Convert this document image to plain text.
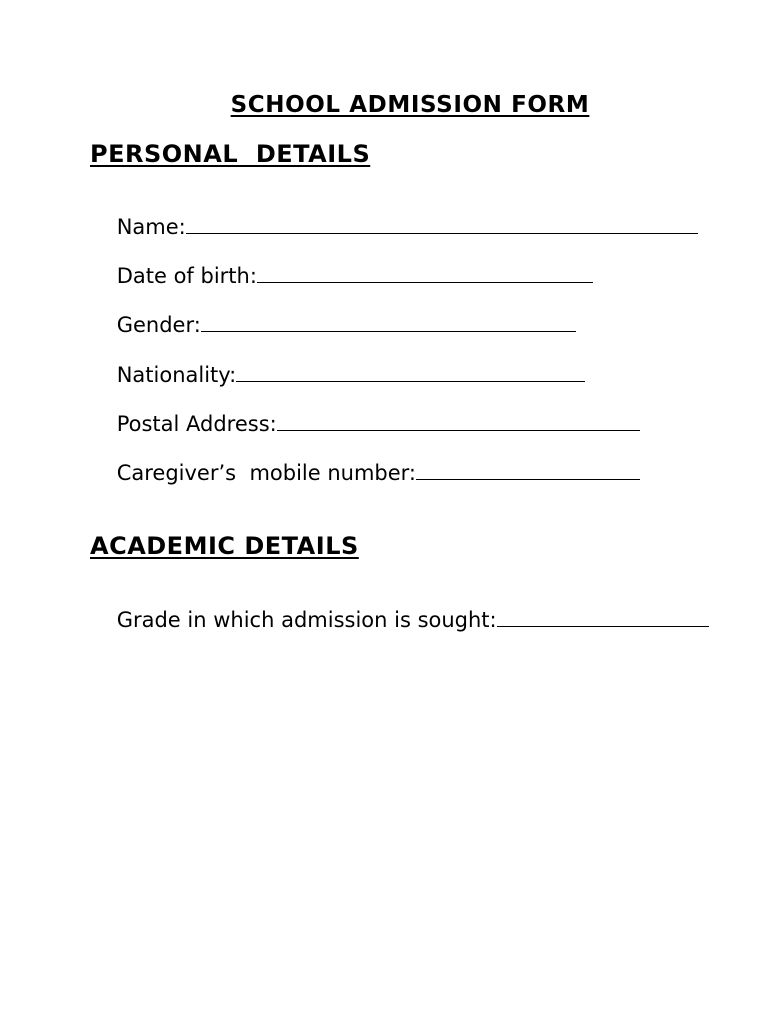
SCHOOL ADMISSION FORM
PERSONAL  DETAILS

Name:

Date of birth:

Gender:

Nationality:

Postal Address:

Caregiver’s  mobile number:

ACADEMIC DETAILS

Grade in which admission is sought:
